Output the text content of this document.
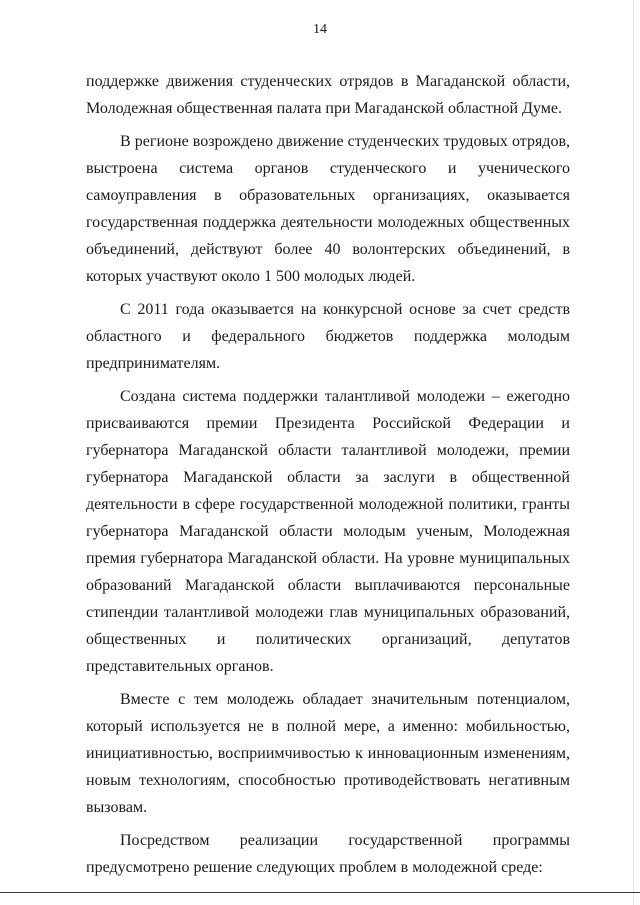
14

поддержке движения студенческих отрядов в Магаданской области, Молодежная общественная палата при Магаданской областной Думе.

В регионе возрождено движение студенческих трудовых отрядов, выстроена система органов студенческого и ученического самоуправления в образовательных организациях, оказывается государственная поддержка деятельности молодежных общественных объединений, действуют более 40 волонтерских объединений, в которых участвуют около 1 500 молодых людей.

С 2011 года оказывается на конкурсной основе за счет средств областного и федерального бюджетов поддержка молодым предпринимателям.

Создана система поддержки талантливой молодежи – ежегодно присваиваются премии Президента Российской Федерации и губернатора Магаданской области талантливой молодежи, премии губернатора Магаданской области за заслуги в общественной деятельности в сфере государственной молодежной политики, гранты губернатора Магаданской области молодым ученым, Молодежная премия губернатора Магаданской области. На уровне муниципальных образований Магаданской области выплачиваются персональные стипендии талантливой молодежи глав муниципальных образований, общественных и политических организаций, депутатов представительных органов.

Вместе с тем молодежь обладает значительным потенциалом, который используется не в полной мере, а именно: мобильностью, инициативностью, восприимчивостью к инновационным изменениям, новым технологиям, способностью противодействовать негативным вызовам.

Посредством реализации государственной программы предусмотрено решение следующих проблем в молодежной среде:
